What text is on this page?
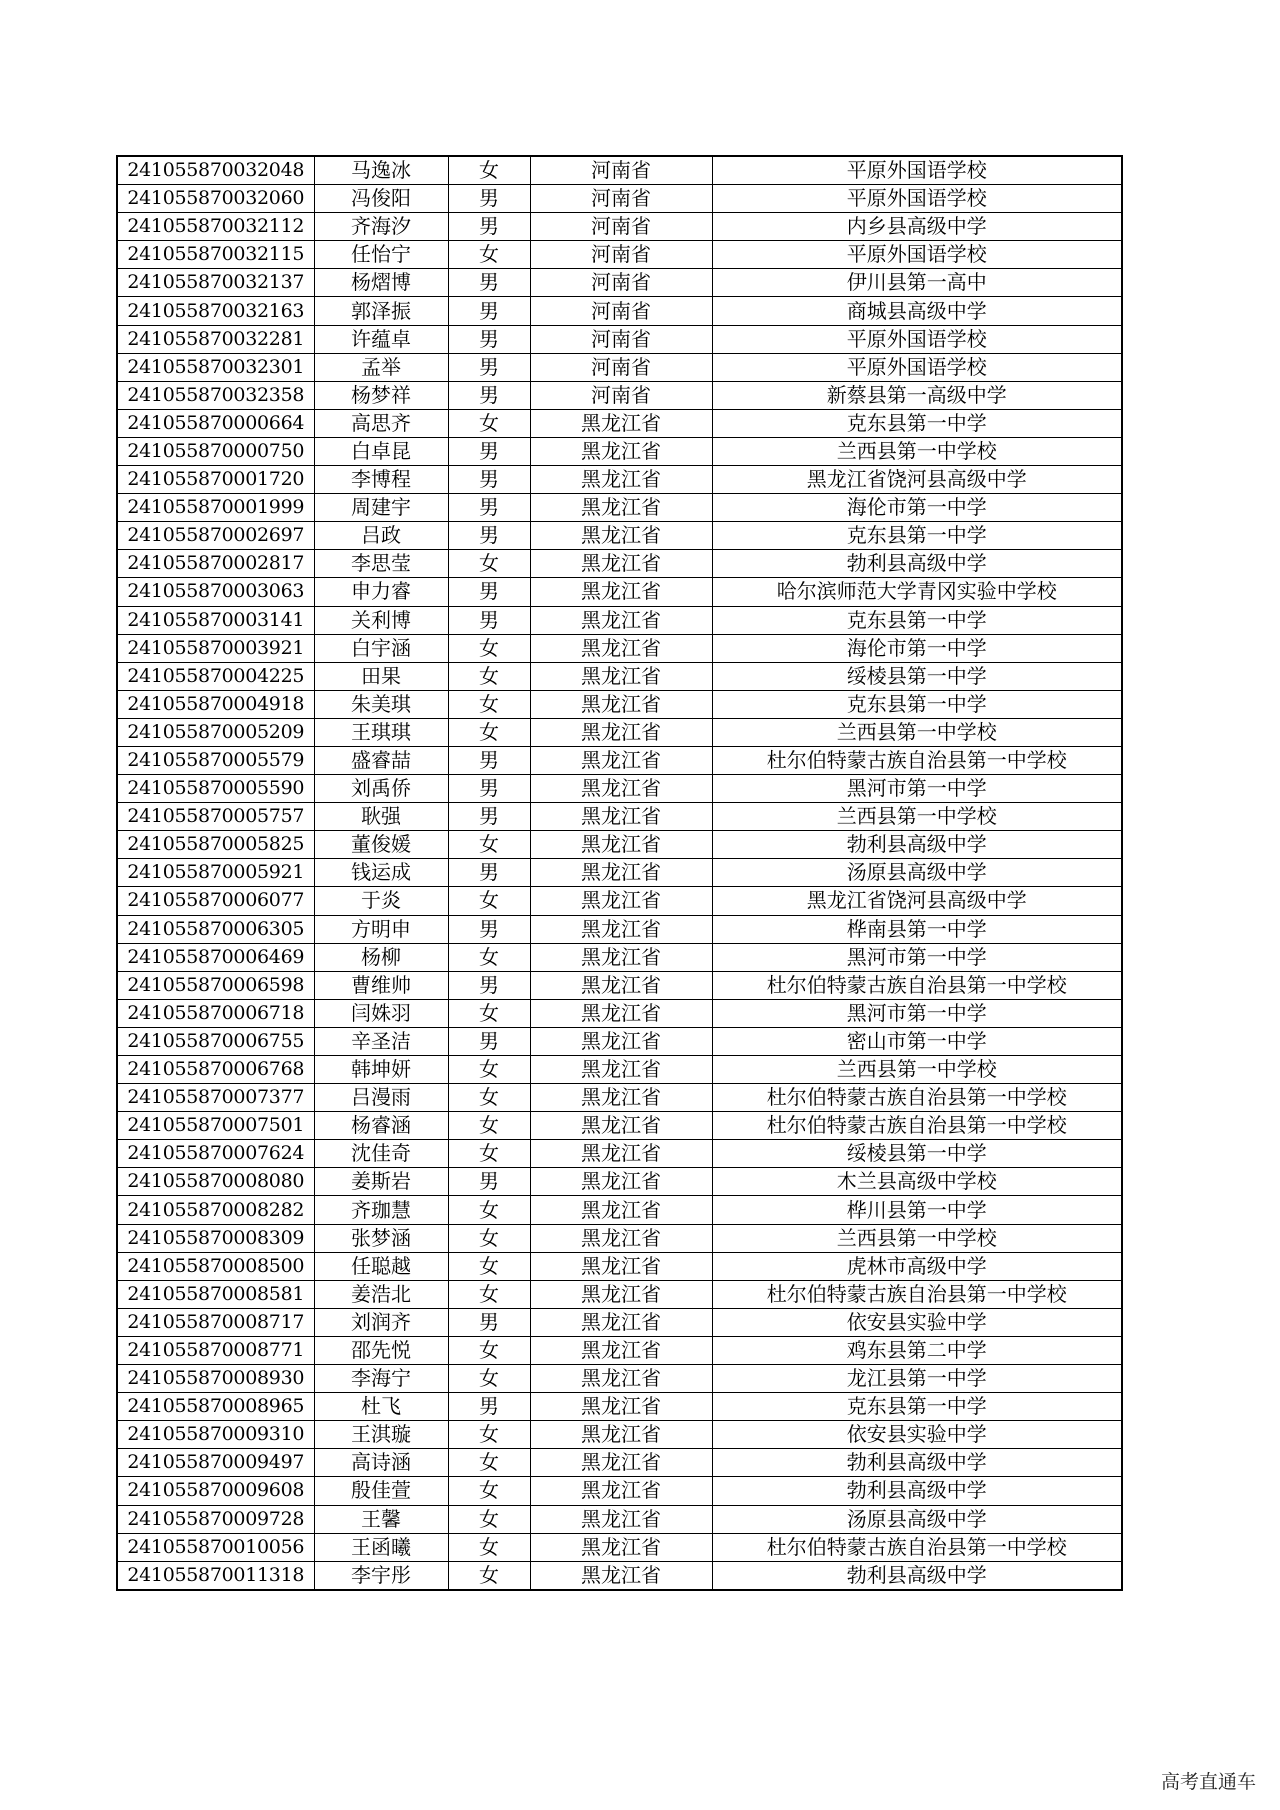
241055870032048	马逸冰	女	河南省	平原外国语学校
241055870032060	冯俊阳	男	河南省	平原外国语学校
241055870032112	齐海汐	男	河南省	内乡县高级中学
241055870032115	任怡宁	女	河南省	平原外国语学校
241055870032137	杨熠博	男	河南省	伊川县第一高中
241055870032163	郭泽振	男	河南省	商城县高级中学
241055870032281	许蕴卓	男	河南省	平原外国语学校
241055870032301	孟举	男	河南省	平原外国语学校
241055870032358	杨梦祥	男	河南省	新蔡县第一高级中学
241055870000664	高思齐	女	黑龙江省	克东县第一中学
241055870000750	白卓昆	男	黑龙江省	兰西县第一中学校
241055870001720	李博程	男	黑龙江省	黑龙江省饶河县高级中学
241055870001999	周建宇	男	黑龙江省	海伦市第一中学
241055870002697	吕政	男	黑龙江省	克东县第一中学
241055870002817	李思莹	女	黑龙江省	勃利县高级中学
241055870003063	申力睿	男	黑龙江省	哈尔滨师范大学青冈实验中学校
241055870003141	关利博	男	黑龙江省	克东县第一中学
241055870003921	白宇涵	女	黑龙江省	海伦市第一中学
241055870004225	田果	女	黑龙江省	绥棱县第一中学
241055870004918	朱美琪	女	黑龙江省	克东县第一中学
241055870005209	王琪琪	女	黑龙江省	兰西县第一中学校
241055870005579	盛睿喆	男	黑龙江省	杜尔伯特蒙古族自治县第一中学校
241055870005590	刘禹侨	男	黑龙江省	黑河市第一中学
241055870005757	耿强	男	黑龙江省	兰西县第一中学校
241055870005825	董俊媛	女	黑龙江省	勃利县高级中学
241055870005921	钱运成	男	黑龙江省	汤原县高级中学
241055870006077	于炎	女	黑龙江省	黑龙江省饶河县高级中学
241055870006305	方明申	男	黑龙江省	桦南县第一中学
241055870006469	杨柳	女	黑龙江省	黑河市第一中学
241055870006598	曹维帅	男	黑龙江省	杜尔伯特蒙古族自治县第一中学校
241055870006718	闫姝羽	女	黑龙江省	黑河市第一中学
241055870006755	辛圣洁	男	黑龙江省	密山市第一中学
241055870006768	韩坤妍	女	黑龙江省	兰西县第一中学校
241055870007377	吕漫雨	女	黑龙江省	杜尔伯特蒙古族自治县第一中学校
241055870007501	杨睿涵	女	黑龙江省	杜尔伯特蒙古族自治县第一中学校
241055870007624	沈佳奇	女	黑龙江省	绥棱县第一中学
241055870008080	姜斯岩	男	黑龙江省	木兰县高级中学校
241055870008282	齐珈慧	女	黑龙江省	桦川县第一中学
241055870008309	张梦涵	女	黑龙江省	兰西县第一中学校
241055870008500	任聪越	女	黑龙江省	虎林市高级中学
241055870008581	姜浩北	女	黑龙江省	杜尔伯特蒙古族自治县第一中学校
241055870008717	刘润齐	男	黑龙江省	依安县实验中学
241055870008771	邵先悦	女	黑龙江省	鸡东县第二中学
241055870008930	李海宁	女	黑龙江省	龙江县第一中学
241055870008965	杜飞	男	黑龙江省	克东县第一中学
241055870009310	王淇璇	女	黑龙江省	依安县实验中学
241055870009497	高诗涵	女	黑龙江省	勃利县高级中学
241055870009608	殷佳萱	女	黑龙江省	勃利县高级中学
241055870009728	王馨	女	黑龙江省	汤原县高级中学
241055870010056	王函曦	女	黑龙江省	杜尔伯特蒙古族自治县第一中学校
241055870011318	李宇彤	女	黑龙江省	勃利县高级中学
高考直通车
